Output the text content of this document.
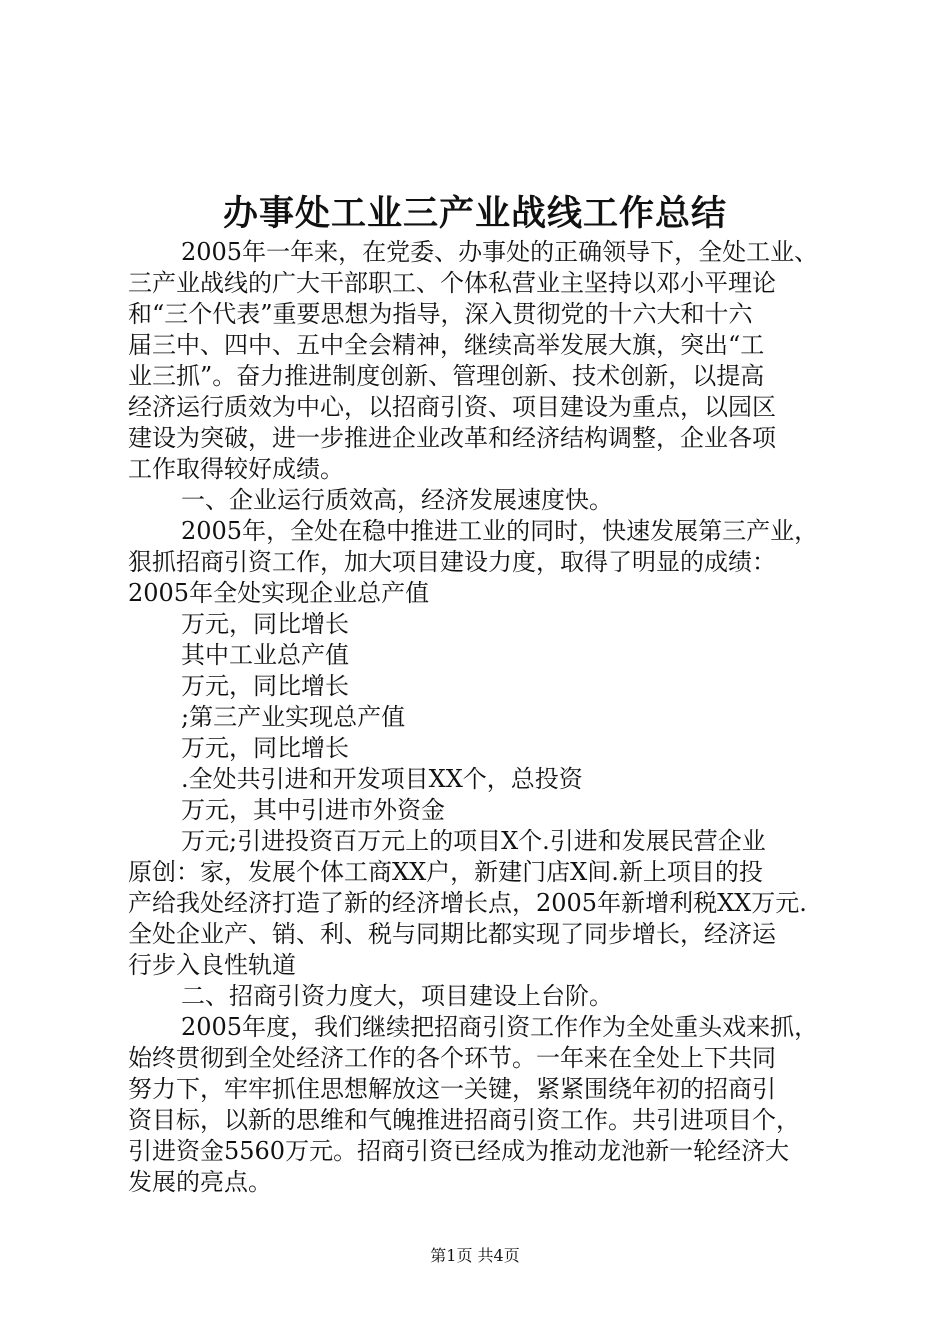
办事处工业三产业战线工作总结
2005年一年来，在党委、办事处的正确领导下，全处工业、
三产业战线的广大干部职工、个体私营业主坚持以邓小平理论
和“三个代表”重要思想为指导，深入贯彻党的十六大和十六
届三中、四中、五中全会精神，继续高举发展大旗，突出“工
业三抓”。奋力推进制度创新、管理创新、技术创新，以提高
经济运行质效为中心，以招商引资、项目建设为重点，以园区
建设为突破，进一步推进企业改革和经济结构调整，企业各项
工作取得较好成绩。
一、企业运行质效高，经济发展速度快。
2005年，全处在稳中推进工业的同时，快速发展第三产业，
狠抓招商引资工作，加大项目建设力度，取得了明显的成绩：
2005年全处实现企业总产值
万元，同比增长
其中工业总产值
万元，同比增长
;第三产业实现总产值
万元，同比增长
.全处共引进和开发项目XX个，总投资
万元，其中引进市外资金
万元;引进投资百万元上的项目X个.引进和发展民营企业
原创：家，发展个体工商XX户，新建门店X间.新上项目的投
产给我处经济打造了新的经济增长点，2005年新增利税XX万元.
全处企业产、销、利、税与同期比都实现了同步增长，经济运
行步入良性轨道
二、招商引资力度大，项目建设上台阶。
2005年度，我们继续把招商引资工作作为全处重头戏来抓，
始终贯彻到全处经济工作的各个环节。一年来在全处上下共同
努力下，牢牢抓住思想解放这一关键，紧紧围绕年初的招商引
资目标，以新的思维和气魄推进招商引资工作。共引进项目个，
引进资金5560万元。招商引资已经成为推动龙池新一轮经济大
发展的亮点。
第1页 共4页
